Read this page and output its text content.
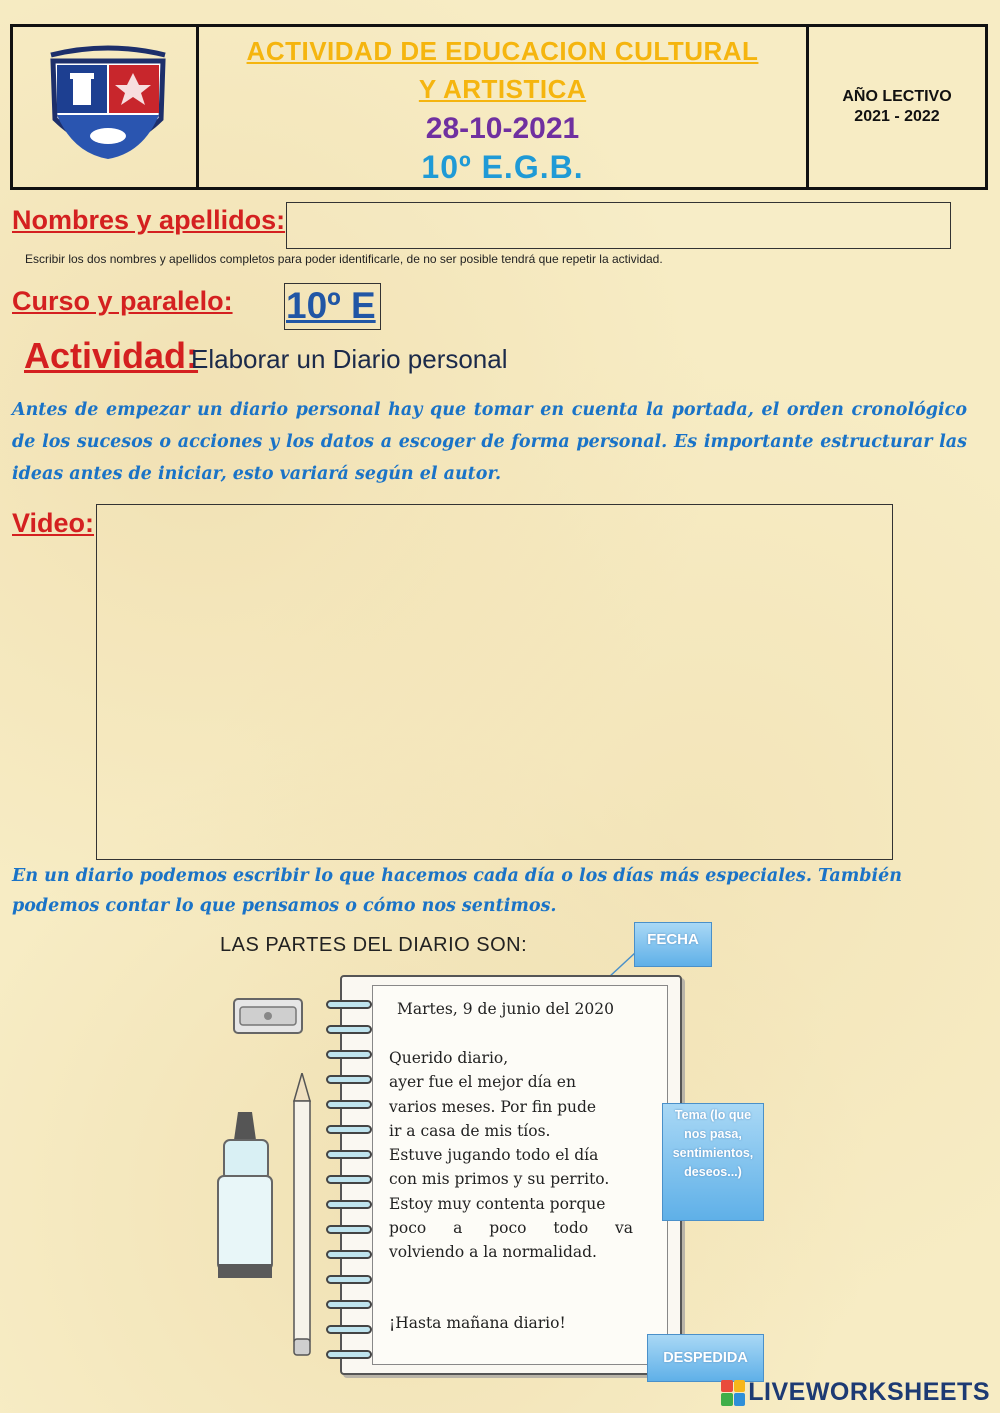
ACTIVIDAD DE EDUCACION CULTURAL
Y ARTISTICA
28-10-2021
10º E.G.B.
AÑO LECTIVO
2021 - 2022
Nombres y apellidos:
Escribir los dos nombres y apellidos completos para poder identificarle, de no ser posible tendrá que repetir la actividad.
Curso y paralelo: 10º E
Actividad:
Elaborar un Diario personal
Antes de empezar un diario personal hay que tomar en cuenta la portada, el orden cronológico de los sucesos o acciones y los datos a escoger de forma personal. Es importante estructurar las ideas antes de iniciar, esto variará según el autor.
Video:
En un diario podemos escribir lo que hacemos cada día o los días más especiales. También podemos contar lo que pensamos o cómo nos sentimos.
LAS PARTES DEL DIARIO SON:
Martes, 9 de junio del 2020
Querido diario,
ayer fue el mejor día en
varios meses. Por fin pude
ir a casa de mis tíos.
Estuve jugando todo el día
con mis primos y su perrito.
Estoy muy contenta porque
poco a poco todo va
volviendo a la normalidad.
¡Hasta mañana diario!
FECHA
Tema (lo que nos pasa, sentimientos, deseos...)
DESPEDIDA
LIVEWORKSHEETS
